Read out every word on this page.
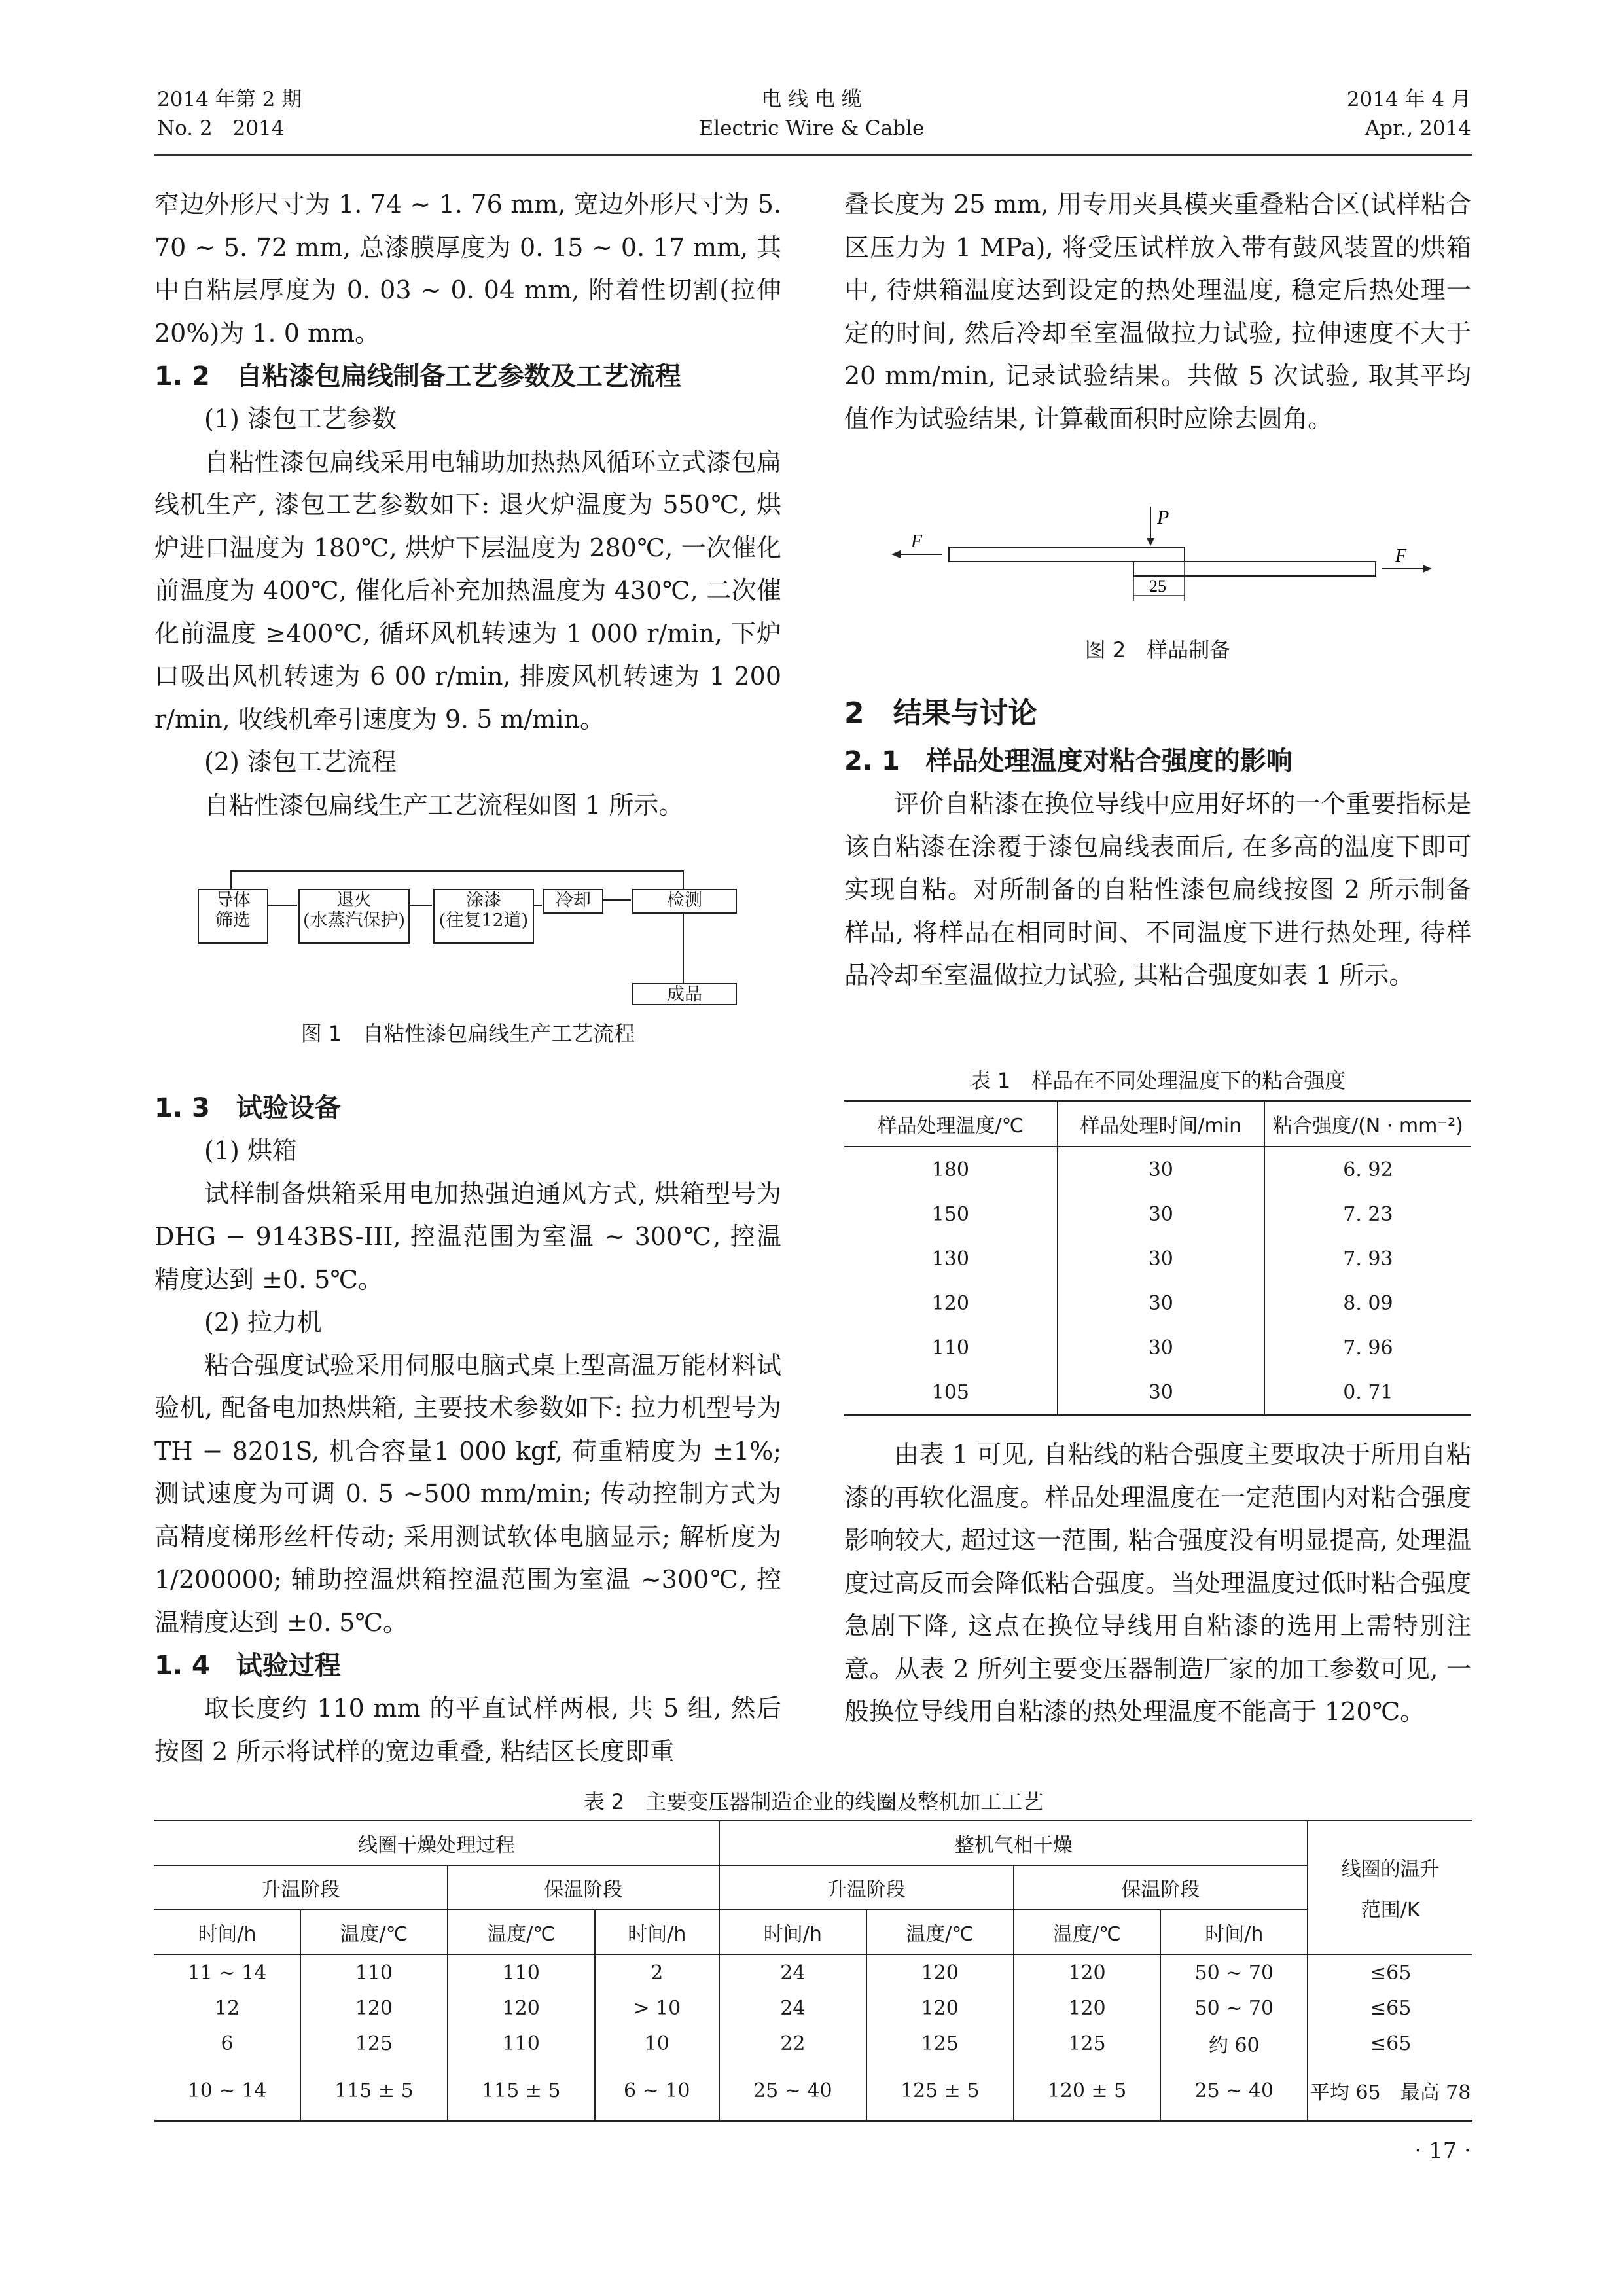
2014 年第 2 期
No. 2　2014
电 线 电 缆
Electric Wire & Cable
2014 年 4 月
Apr., 2014

窄边外形尺寸为 1. 74 ~ 1. 76 mm, 宽边外形尺寸为 5. 70 ~ 5. 72 mm, 总漆膜厚度为 0. 15 ~ 0. 17 mm, 其中自粘层厚度为 0. 03 ~ 0. 04 mm, 附着性切割(拉伸 20%)为 1. 0 mm。

1. 2　自粘漆包扁线制备工艺参数及工艺流程

(1) 漆包工艺参数

自粘性漆包扁线采用电辅助加热热风循环立式漆包扁线机生产, 漆包工艺参数如下: 退火炉温度为 550℃, 烘炉进口温度为 180℃, 烘炉下层温度为 280℃, 一次催化前温度为 400℃, 催化后补充加热温度为 430℃, 二次催化前温度 ≥400℃, 循环风机转速为 1 000 r/min, 下炉口吸出风机转速为 6 00 r/min, 排废风机转速为 1 200 r/min, 收线机牵引速度为 9. 5 m/min。

(2) 漆包工艺流程

自粘性漆包扁线生产工艺流程如图 1 所示。

导体
筛选
退火
(水蒸汽保护)
涂漆
(往复12道)
冷却	检测
成品
图 1　自粘性漆包扁线生产工艺流程

1. 3　试验设备

(1) 烘箱

试样制备烘箱采用电加热强迫通风方式, 烘箱型号为 DHG − 9143BS-III, 控温范围为室温 ~ 300℃, 控温精度达到 ±0. 5℃。

(2) 拉力机

粘合强度试验采用伺服电脑式桌上型高温万能材料试验机, 配备电加热烘箱, 主要技术参数如下: 拉力机型号为 TH − 8201S, 机合容量1 000 kgf, 荷重精度为 ±1%; 测试速度为可调 0. 5 ~500 mm/min; 传动控制方式为高精度梯形丝杆传动; 采用测试软体电脑显示; 解析度为 1/200000; 辅助控温烘箱控温范围为室温 ~300℃, 控温精度达到 ±0. 5℃。

1. 4　试验过程

取长度约 110 mm 的平直试样两根, 共 5 组, 然后按图 2 所示将试样的宽边重叠, 粘结区长度即重

叠长度为 25 mm, 用专用夹具模夹重叠粘合区(试样粘合区压力为 1 MPa), 将受压试样放入带有鼓风装置的烘箱中, 待烘箱温度达到设定的热处理温度, 稳定后热处理一定的时间, 然后冷却至室温做拉力试验, 拉伸速度不大于 20 mm/min, 记录试验结果。共做 5 次试验, 取其平均值作为试验结果, 计算截面积时应除去圆角。

P
F
F
25
图 2　样品制备

2　结果与讨论

2. 1　样品处理温度对粘合强度的影响

评价自粘漆在换位导线中应用好坏的一个重要指标是该自粘漆在涂覆于漆包扁线表面后, 在多高的温度下即可实现自粘。对所制备的自粘性漆包扁线按图 2 所示制备样品, 将样品在相同时间、不同温度下进行热处理, 待样品冷却至室温做拉力试验, 其粘合强度如表 1 所示。

表 1　样品在不同处理温度下的粘合强度
样品处理温度/℃	样品处理时间/min	粘合强度/(N · mm⁻²)
180	30	6. 92
150	30	7. 23
130	30	7. 93
120	30	8. 09
110	30	7. 96
105	30	0. 71

由表 1 可见, 自粘线的粘合强度主要取决于所用自粘漆的再软化温度。样品处理温度在一定范围内对粘合强度影响较大, 超过这一范围, 粘合强度没有明显提高, 处理温度过高反而会降低粘合强度。当处理温度过低时粘合强度急剧下降, 这点在换位导线用自粘漆的选用上需特别注意。从表 2 所列主要变压器制造厂家的加工参数可见, 一般换位导线用自粘漆的热处理温度不能高于 120℃。

表 2　主要变压器制造企业的线圈及整机加工工艺
线圈干燥处理过程				整机气相干燥				线圈的温升
范围/K

升温阶段		保温阶段		升温阶段		保温阶段		
时间/h	温度/℃	温度/℃	时间/h	时间/h	温度/℃	温度/℃	时间/h	
11 ~ 14	110	110	2	24	120	120	50 ~ 70	≤65
12	120	120	> 10	24	120	120	50 ~ 70	≤65
6	125	110	10	22	125	125	约 60	≤65
10 ~ 14	115 ± 5	115 ± 5	6 ~ 10	25 ~ 40	125 ± 5	120 ± 5	25 ~ 40	平均 65　最高 78
· 17 ·
